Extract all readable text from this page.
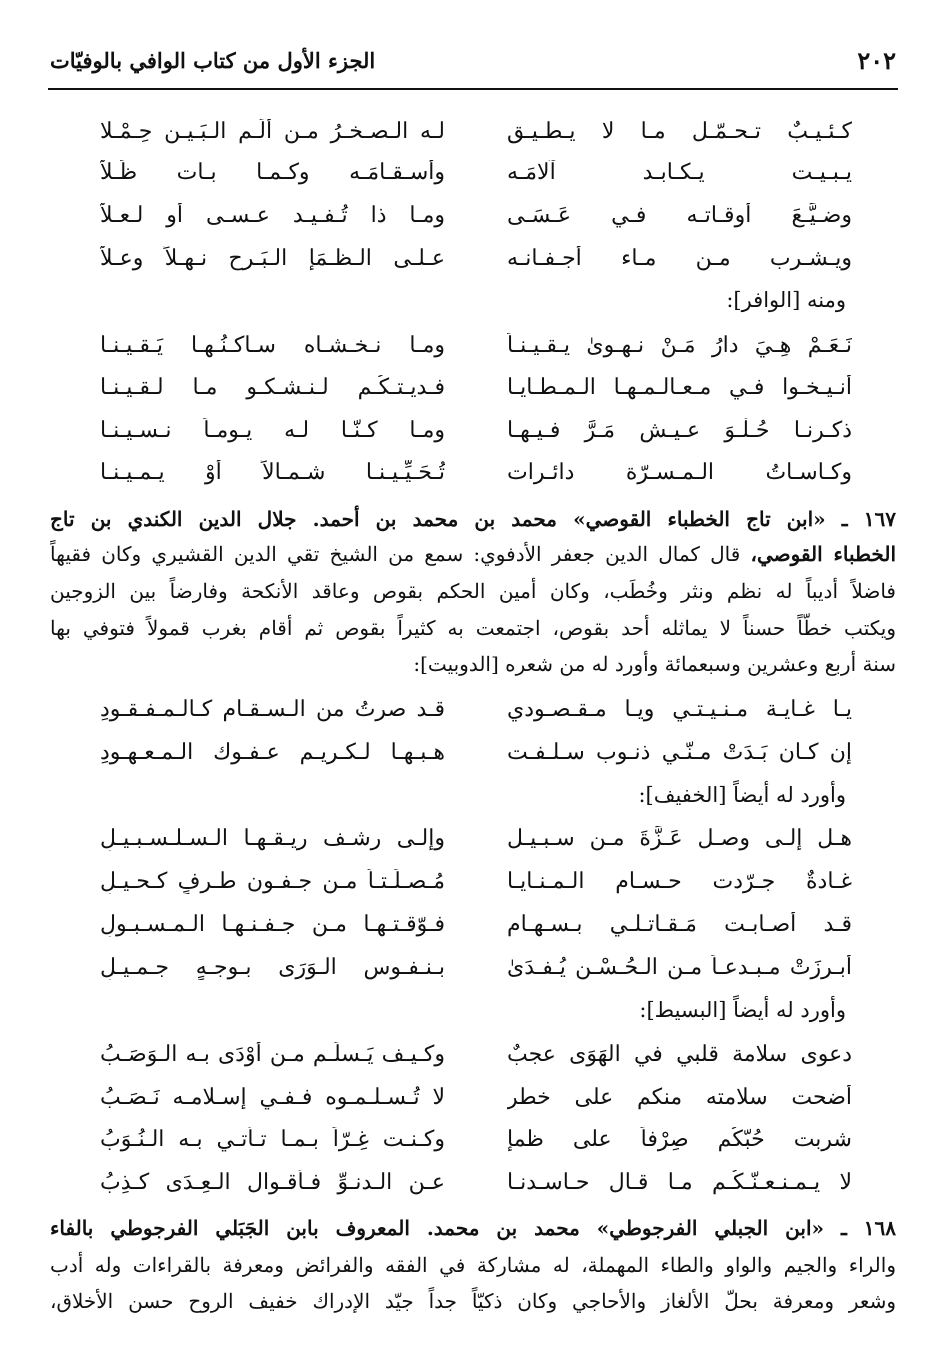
٢٠٢
الجزء الأول من كتاب الوافي بالوفيّات
كـئـيـبٌ تـحـمّـل مـا لا يـطـيـق
لـه الـصـخـرُ مـن أَلَـم الـبَـيـن حِـمْـلا
يـبـيـت يـكـابـد آلامَـه
وأسـقـامَـه وكـمـا بـات ظَـلاّ
وضـيَّـعَ أوقـاتـه فـي عَـسَـى
ومـا ذا تُـفـيـد عـسـى أو لـعـلاّ
ويـشـرب مـن مـاء أجـفـانـه
عـلـى الـظـمَإ الـبَـرح نـهـلاً وعـلاّ
ومنه [الوافر]:
نَـعَـمْ هِـيَ دارُ مَـنْ نـهـوىٰ يـقـيـنـاً
ومـا نـخـشـاه سـاكـنُـهـا يَـقـيـنـا
أنـيـخـوا فـي مـعـالـمـهـا الـمـطـايـا
فـديـتـكُـم لـنـشـكـو مـا لـقـيـنـا
ذكـرنـا حُـلْـوَ عـيـشٍ مَـرَّ فـيـهـا
ومـا كـنّـا لـه يـومـاً نـسـيـنـا
وكـاسـاتُ الـمـسـرّة دائـرات
تُـحَـيِّـيـنـا شـمـالاً أوْ يـمـيـنـا
١٦٧ ـ «ابن تاج الخطباء القوصي» محمد بن محمد بن أحمد. جلال الدين الكندي بن تاج
الخطباء القوصي، قال كمال الدين جعفر الأدفوي: سمع من الشيخ تقي الدين القشيري وكان فقيهاً
فاضلاً أديباً له نظم ونثر وخُطَب، وكان أمين الحكم بقوص وعاقد الأنكحة وفارضاً بين الزوجين
ويكتب خطّاً حسناً لا يماثله أحد بقوص، اجتمعت به كثيراً بقوص ثم أقام بغرب قمولاً فتوفي بها
سنة أربع وعشرين وسبعمائة وأورد له من شعره [الدوبيت]:
يـا غـايـة مـنـيـتـي ويـا مـقـصـودي
قـد صرتُ من الـسـقـام كـالـمـفـقـودِ
إن كـان بَـدَتْ مـنّـي ذنـوب سـلـفـت
هـبـهـا لـكـريـم عـفـوك الـمـعـهـودِ
وأورد له أيضاً [الخفيف]:
هـل إلـى وصـل عَـزَّةَ مـن سـبـيـل
وإلـى رشـف ريـقـهـا الـسـلـسـبـيـلِ
غـادةٌ جـرّدت حـسـام الـمـنـايـا
مُـصـلَـتـاً مـن جـفـون طـرفٍ كـحـيـلِ
قـد أصـابـت مَـقـاتـلـي بـسـهـامٍ
فـوّقـتـهـا مـن جـفـنـهـا الـمـسـبـولِ
أبـرزَتْ مـبـدعـاً مـن الـحُـسْـنِ يُـفـدَىٰ
بـنـفـوس الـوَرَى بـوجـهٍ جـمـيـلِ
وأورد له أيضاً [البسيط]:
دعوى سلامة قلبي في الهَوَى عجبٌ
وكـيـف يَـسلَـم مـن أوْدَى بـه الـوَصَـبُ
أضحت سلامته منكم على خطرٍ
لا تُـسـلـمـوه فـفـي إسـلامـه نَـصَـبُ
شربت حُبّكُم صِرْفاً على ظمإٍ
وكـنـت غِـرّاً بـمـا تـأتـي بـه الـنُـوَبُ
لا يـمـنـعـنّـكُـم مـا قـال حـاسـدنـا
عـن الـدنـوِّ فـأقـوال الـعِـدَى كـذِبُ
١٦٨ ـ «ابن الجبلي الفرجوطي» محمد بن محمد. المعروف بابن الجَبَلي الفرجوطي بالفاء
والراء والجيم والواو والطاء المهملة، له مشاركة في الفقه والفرائض ومعرفة بالقراءات وله أدب
وشعر ومعرفة بحلّ الألغاز والأحاجي وكان ذكيّاً جداً جيّد الإدراك خفيف الروح حسن الأخلاق،
